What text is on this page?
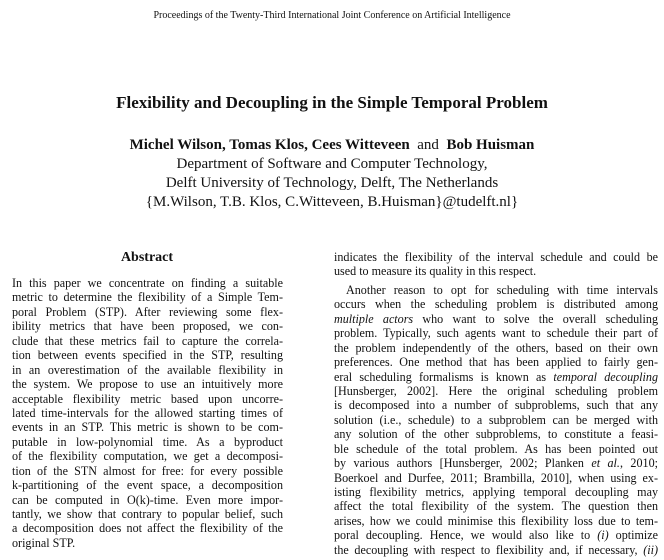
Proceedings of the Twenty-Third International Joint Conference on Artificial Intelligence
Flexibility and Decoupling in the Simple Temporal Problem
Michel Wilson, Tomas Klos, Cees Witteveen and Bob Huisman
Department of Software and Computer Technology,
Delft University of Technology, Delft, The Netherlands
{M.Wilson, T.B. Klos, C.Witteveen, B.Huisman}@tudelft.nl}
Abstract
In this paper we concentrate on finding a suitable
metric to determine the flexibility of a Simple Tem-
poral Problem (STP). After reviewing some flex-
ibility metrics that have been proposed, we con-
clude that these metrics fail to capture the correla-
tion between events specified in the STP, resulting
in an overestimation of the available flexibility in
the system. We propose to use an intuitively more
acceptable flexibility metric based upon uncorre-
lated time-intervals for the allowed starting times of
events in an STP. This metric is shown to be com-
putable in low-polynomial time. As a byproduct
of the flexibility computation, we get a decomposi-
tion of the STN almost for free: for every possible
k-partitioning of the event space, a decomposition
can be computed in O(k)-time. Even more impor-
tantly, we show that contrary to popular belief, such
a decomposition does not affect the flexibility of the
original STP.
indicates the flexibility of the interval schedule and could be
used to measure its quality in this respect.
Another reason to opt for scheduling with time intervals
occurs when the scheduling problem is distributed among
multiple actors who want to solve the overall scheduling
problem. Typically, such agents want to schedule their part of
the problem independently of the others, based on their own
preferences. One method that has been applied to fairly gen-
eral scheduling formalisms is known as temporal decoupling
[Hunsberger, 2002]. Here the original scheduling problem
is decomposed into a number of subproblems, such that any
solution (i.e., schedule) to a subproblem can be merged with
any solution of the other subproblems, to constitute a feasi-
ble schedule of the total problem. As has been pointed out
by various authors [Hunsberger, 2002; Planken et al., 2010;
Boerkoel and Durfee, 2011; Brambilla, 2010], when using ex-
isting flexibility metrics, applying temporal decoupling may
affect the total flexibility of the system. The question then
arises, how we could minimise this flexibility loss due to tem-
poral decoupling. Hence, we would also like to (i) optimize
the decoupling with respect to flexibility and, if necessary, (ii)
